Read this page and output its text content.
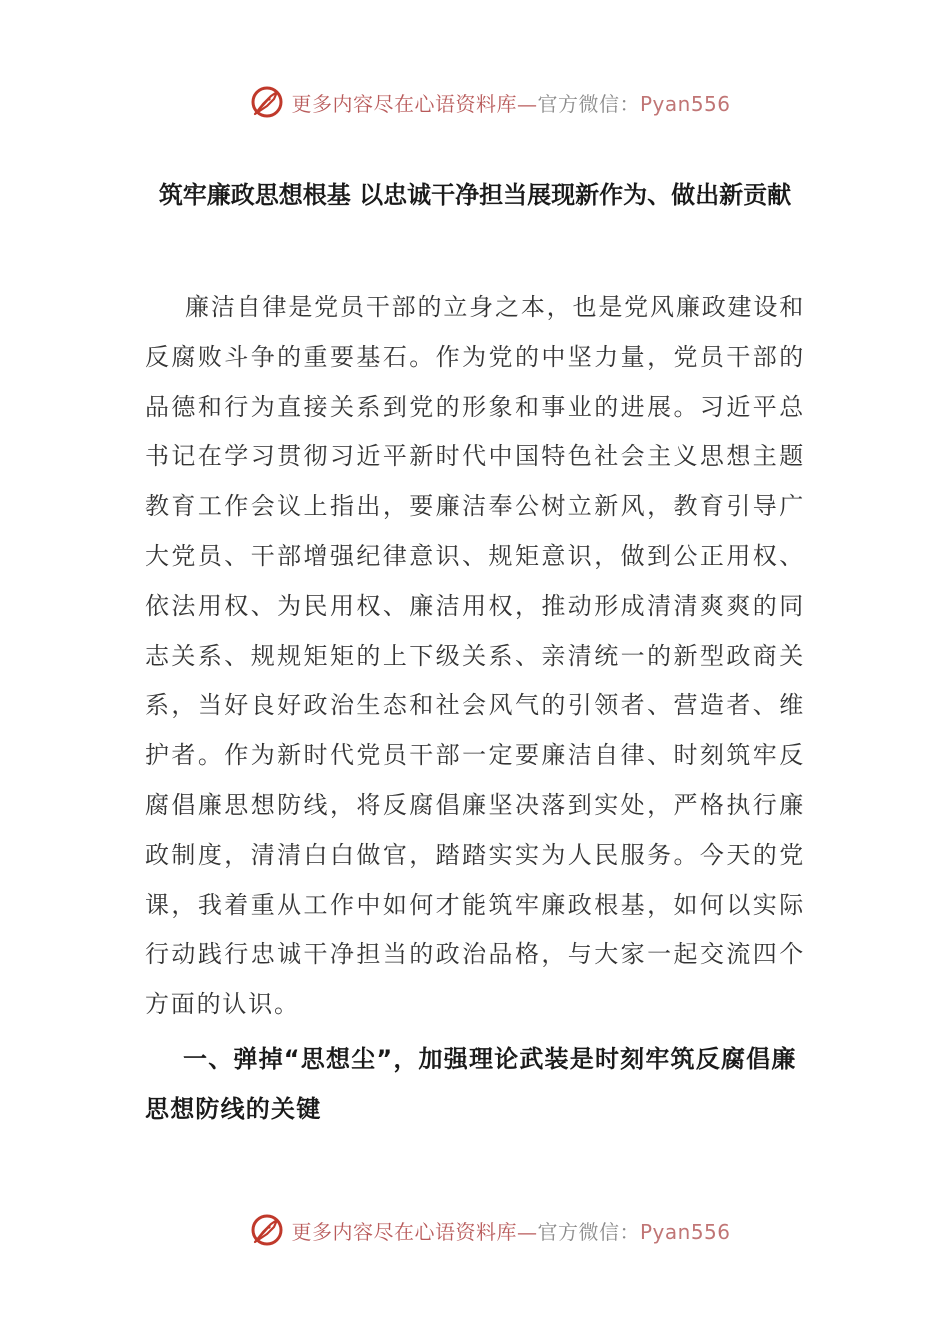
更多内容尽在心语资料库—官方微信：Pyan556
筑牢廉政思想根基 以忠诚干净担当展现新作为、做出新贡献

廉洁自律是党员干部的立身之本，也是党风廉政建设和反腐败斗争的重要基石。作为党的中坚力量，党员干部的品德和行为直接关系到党的形象和事业的进展。习近平总书记在学习贯彻习近平新时代中国特色社会主义思想主题教育工作会议上指出，要廉洁奉公树立新风，教育引导广大党员、干部增强纪律意识、规矩意识，做到公正用权、依法用权、为民用权、廉洁用权，推动形成清清爽爽的同志关系、规规矩矩的上下级关系、亲清统一的新型政商关系，当好良好政治生态和社会风气的引领者、营造者、维护者。作为新时代党员干部一定要廉洁自律、时刻筑牢反腐倡廉思想防线，将反腐倡廉坚决落到实处，严格执行廉政制度，清清白白做官，踏踏实实为人民服务。今天的党课，我着重从工作中如何才能筑牢廉政根基，如何以实际行动践行忠诚干净担当的政治品格，与大家一起交流四个方面的认识。

一、弹掉“思想尘”，加强理论武装是时刻牢筑反腐倡廉思想防线的关键
更多内容尽在心语资料库—官方微信：Pyan556
